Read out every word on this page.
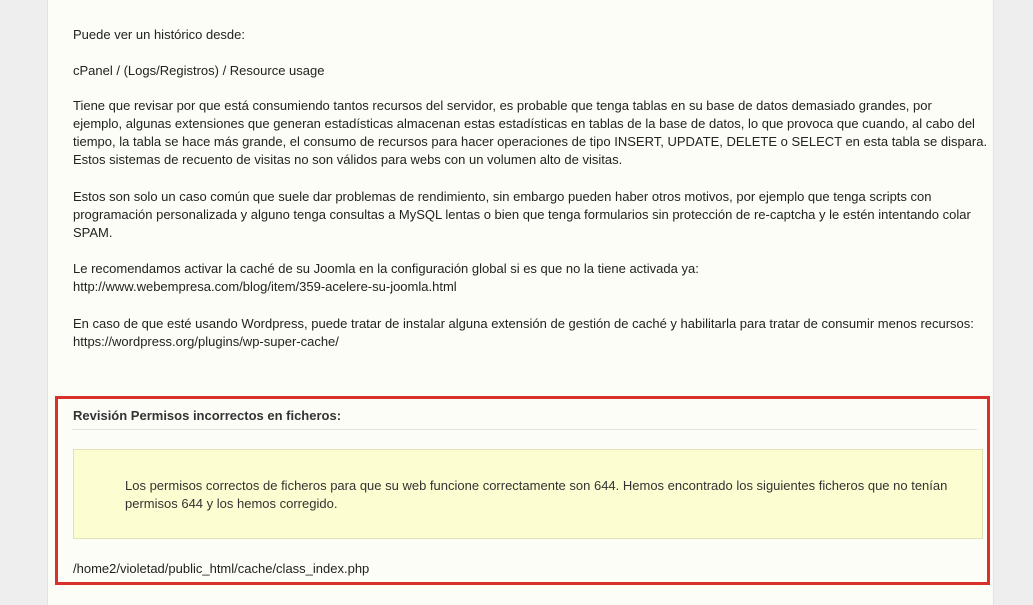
Puede ver un histórico desde:

cPanel / (Logs/Registros) / Resource usage

Tiene que revisar por que está consumiendo tantos recursos del servidor, es probable que tenga tablas en su base de datos demasiado grandes, por

ejemplo, algunas extensiones que generan estadísticas almacenan estas estadísticas en tablas de la base de datos, lo que provoca que cuando, al cabo del

tiempo, la tabla se hace más grande, el consumo de recursos para hacer operaciones de tipo INSERT, UPDATE, DELETE o SELECT en esta tabla se dispara.

Estos sistemas de recuento de visitas no son válidos para webs con un volumen alto de visitas.

Estos son solo un caso común que suele dar problemas de rendimiento, sin embargo pueden haber otros motivos, por ejemplo que tenga scripts con

programación personalizada y alguno tenga consultas a MySQL lentas o bien que tenga formularios sin protección de re-captcha y le estén intentando colar

SPAM.

Le recomendamos activar la caché de su Joomla en la configuración global si es que no la tiene activada ya:

http://www.webempresa.com/blog/item/359-acelere-su-joomla.html

En caso de que esté usando Wordpress, puede tratar de instalar alguna extensión de gestión de caché y habilitarla para tratar de consumir menos recursos:

https://wordpress.org/plugins/wp-super-cache/

Revisión Permisos incorrectos en ficheros:
Los permisos correctos de ficheros para que su web funcione correctamente son 644. Hemos encontrado los siguientes ficheros que no tenían
permisos 644 y los hemos corregido.
/home2/violetad/public_html/cache/class_index.php
